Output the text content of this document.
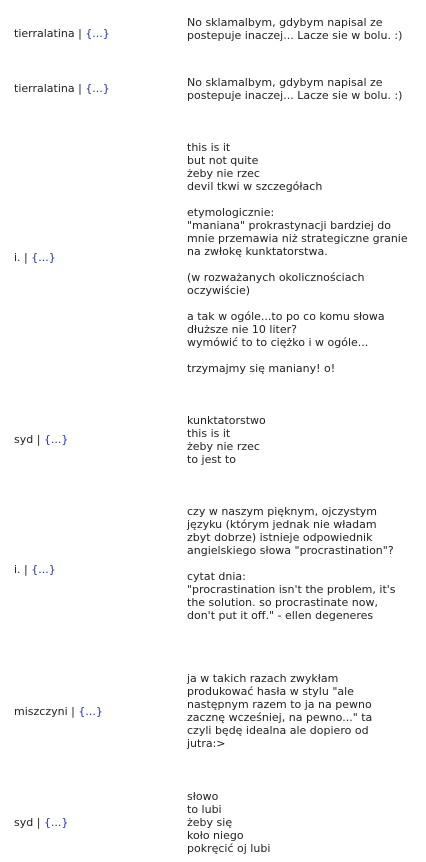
tierralatina | {...}

No sklamalbym, gdybym napisal ze
postepuje inaczej... Lacze sie w bolu. :)

tierralatina | {...}	No sklamalbym, gdybym napisal ze
postepuje inaczej... Lacze sie w bolu. :)

i. | {...}

this is it
but not quite
żeby nie rzec
devil tkwi w szczegółach

etymologicznie:
"maniana" prokrastynacji bardziej do
mnie przemawia niż strategiczne granie
na zwłokę kunktatorstwa.

(w rozważanych okolicznościach
oczywiście)

a tak w ogóle...to po co komu słowa
dłuższe nie 10 liter?
wymówić to to ciężko i w ogóle...

trzymajmy się manianу! o!

syd | {...}

kunktatorstwo
this is it
żeby nie rzec
to jest to

i. | {...}

czy w naszym pięknym, ojczystym
języku (którym jednak nie władam
zbyt dobrze) istnieje odpowiednik
angielskiego słowa "procrastination"?

cytat dnia:
"procrastination isn't the problem, it's
the solution. so procrastinate now,
don't put it off." - ellen degeneres

miszczyni | {...}

ja w takich razach zwykłam
produkować hasła w stylu "ale
następnym razem to ja na pewno
zacznę wcześniej, na pewno..." ta
czyli będę idealna ale dopiero od
jutra:>

syd | {...}

słowo
to lubi
żeby się
koło niego
pokręcić oj lubi
